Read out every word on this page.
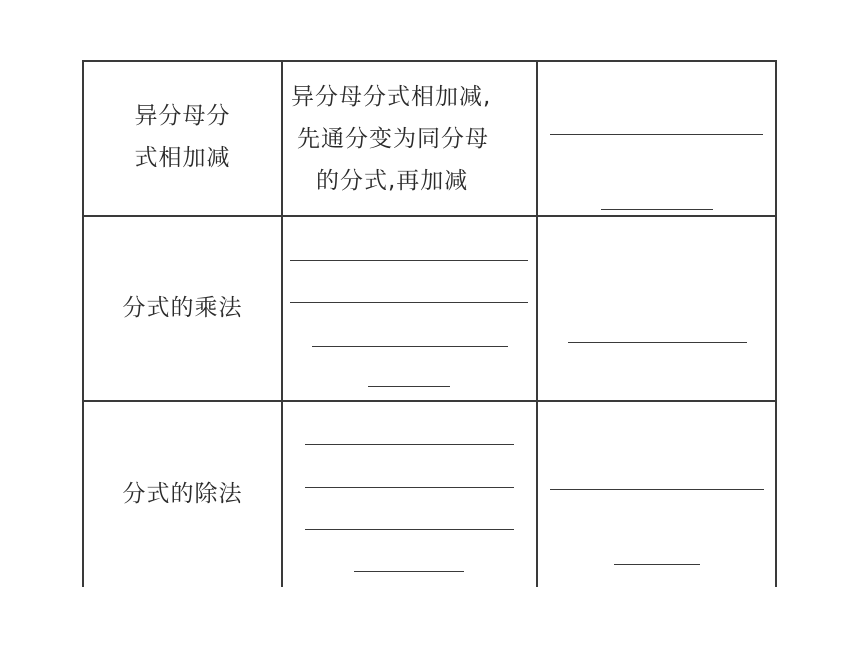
异分母分
式相加减
异分母分式相加减,
先通分变为同分母
的分式,再加减
分式的乘法
分式的除法
